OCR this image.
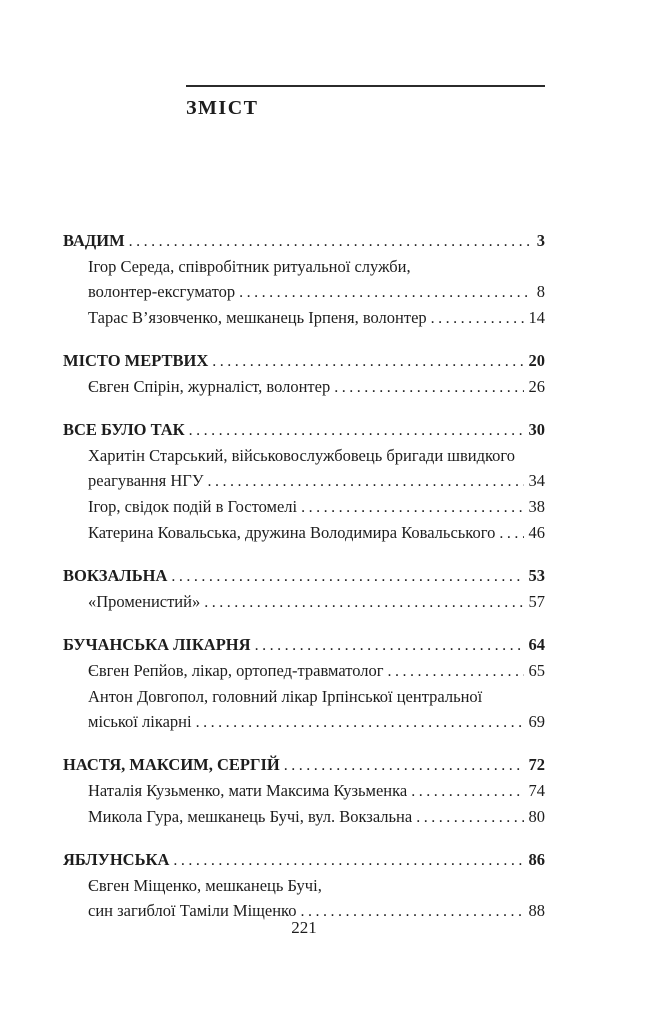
ЗМІСТ
ВАДИМ .....	3
Ігор Середа, співробітник ритуальної служби,
волонтер-ексгуматор .....	8
Тарас В’язовченко, мешканець Ірпеня, волонтер .....	14
МІСТО МЕРТВИХ .....	20
Євген Спірін, журналіст, волонтер .....	26
ВСЕ БУЛО ТАК .....	30
Харитін Старський, військовослужбовець бригади швидкого
реагування НГУ .....	34
Ігор, свідок подій в Гостомелі .....	38
Катерина Ковальська, дружина Володимира Ковальського ..... 46
ВОКЗАЛЬНА .....	53
«Променистий» .....	57
БУЧАНСЬКА ЛІКАРНЯ .....	64
Євген Репйов, лікар, ортопед-травматолог .....	65
Антон Довгопол, головний лікар Ірпінської центральної
міської лікарні .....	69
НАСТЯ, МАКСИМ, СЕРГІЙ .....	72
Наталія Кузьменко, мати Максима Кузьменка .....	74
Микола Гура, мешканець Бучі, вул. Вокзальна .....	80
ЯБЛУНСЬКА .....	86
Євген Міщенко, мешканець Бучі,
син загиблої Таміли Міщенко .....	88
221
